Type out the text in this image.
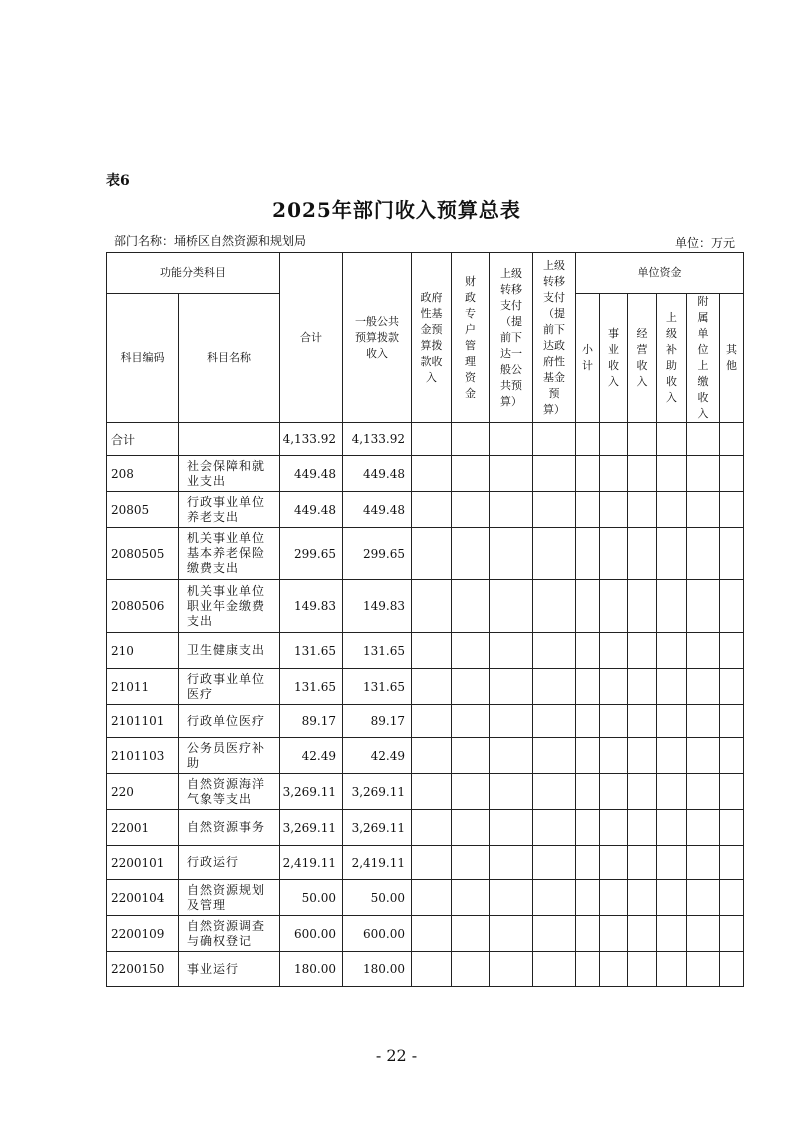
表6
2025年部门收入预算总表
部门名称：埇桥区自然资源和规划局	单位：万元
功能分类科目		合计	一般公共预算拨款收入	政府性基金预算拨款收入	财政专户管理资金	上级转移支付（提前下达一般公共预算）	上级转移支付（提前下达政府性基金预算）	单位资金					
科目编码	科目名称							小计	事业收入	经营收入	上级补助收入	附属单位上缴收入	其他
合计		4,133.92	4,133.92										
208	社会保障和就业支出	449.48	449.48										
20805	行政事业单位养老支出	449.48	449.48										
2080505	机关事业单位基本养老保险缴费支出	299.65	299.65										
2080506	机关事业单位职业年金缴费支出	149.83	149.83										
210	卫生健康支出	131.65	131.65										
21011	行政事业单位医疗	131.65	131.65										
2101101	行政单位医疗	89.17	89.17										
2101103	公务员医疗补助	42.49	42.49										
220	自然资源海洋气象等支出	3,269.11	3,269.11										
22001	自然资源事务	3,269.11	3,269.11										
2200101	行政运行	2,419.11	2,419.11										
2200104	自然资源规划及管理	50.00	50.00										
2200109	自然资源调查与确权登记	600.00	600.00										
2200150	事业运行	180.00	180.00										
- 22 -
